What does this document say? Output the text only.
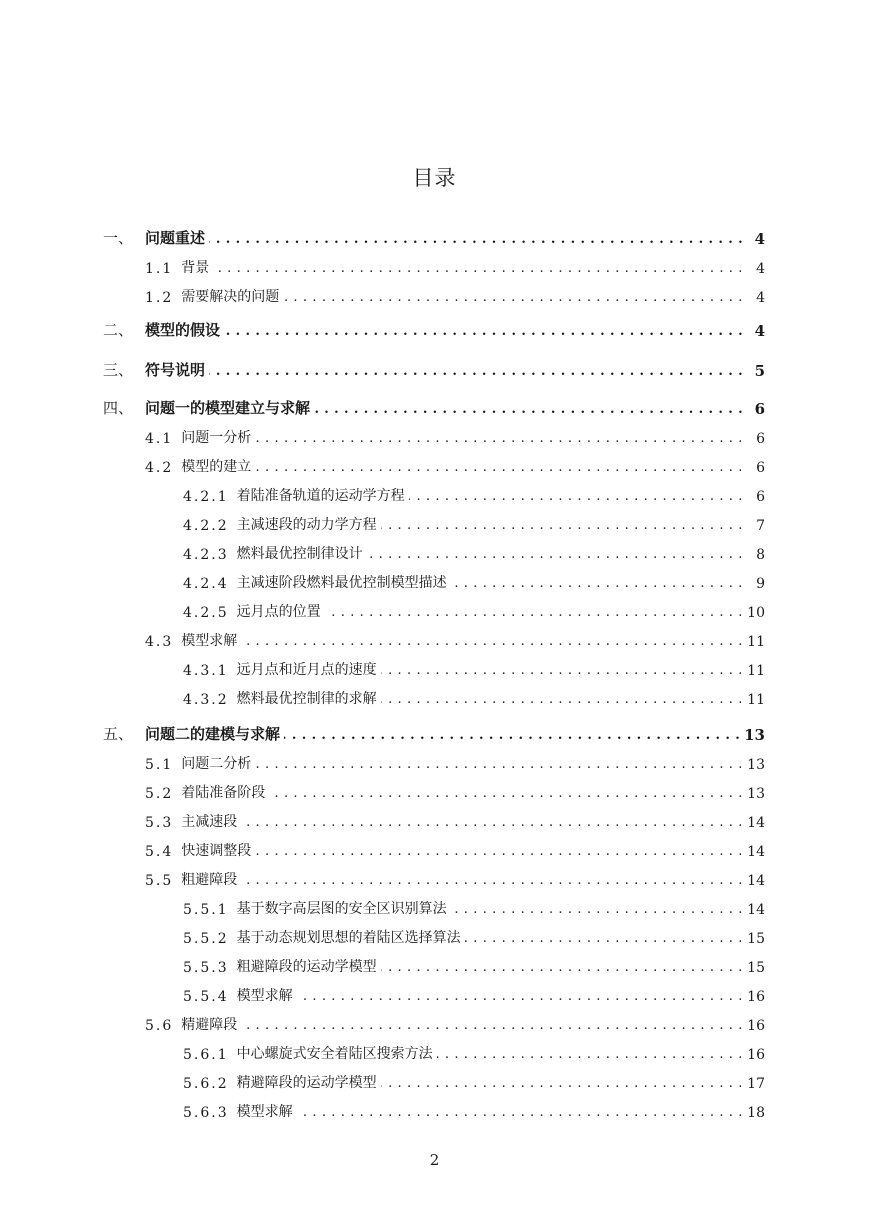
目录
一、 问题重述 . . .	4
1.1 背景 . . .	4
1.2 需要解决的问题 . . .	4
二、 模型的假设 . . .	4
三、 符号说明 . . .	5
四、 问题一的模型建立与求解 . . .	6
4.1 问题一分析 . . .	6
4.2 模型的建立 . . .	6
4.2.1 着陆准备轨道的运动学方程 . . .	6
4.2.2 主减速段的动力学方程 . . .	7
4.2.3 燃料最优控制律设计 . . .	8
4.2.4 主减速阶段燃料最优控制模型描述 . . .	9
4.2.5 远月点的位置 . . .	10
4.3 模型求解 . . .	11
4.3.1 远月点和近月点的速度 . . .	11
4.3.2 燃料最优控制律的求解 . . .	11
五、 问题二的建模与求解 . . .	13
5.1 问题二分析 . . .	13
5.2 着陆准备阶段 . . .	13
5.3 主减速段 . . .	14
5.4 快速调整段 . . .	14
5.5 粗避障段 . . .	14
5.5.1 基于数字高层图的安全区识别算法 . . .	14
5.5.2 基于动态规划思想的着陆区选择算法 . . .	15
5.5.3 粗避障段的运动学模型 . . .	15
5.5.4 模型求解 . . .	16
5.6 精避障段 . . .	16
5.6.1 中心螺旋式安全着陆区搜索方法 . . .	16
5.6.2 精避障段的运动学模型 . . .	17
5.6.3 模型求解 . . .	18
2
